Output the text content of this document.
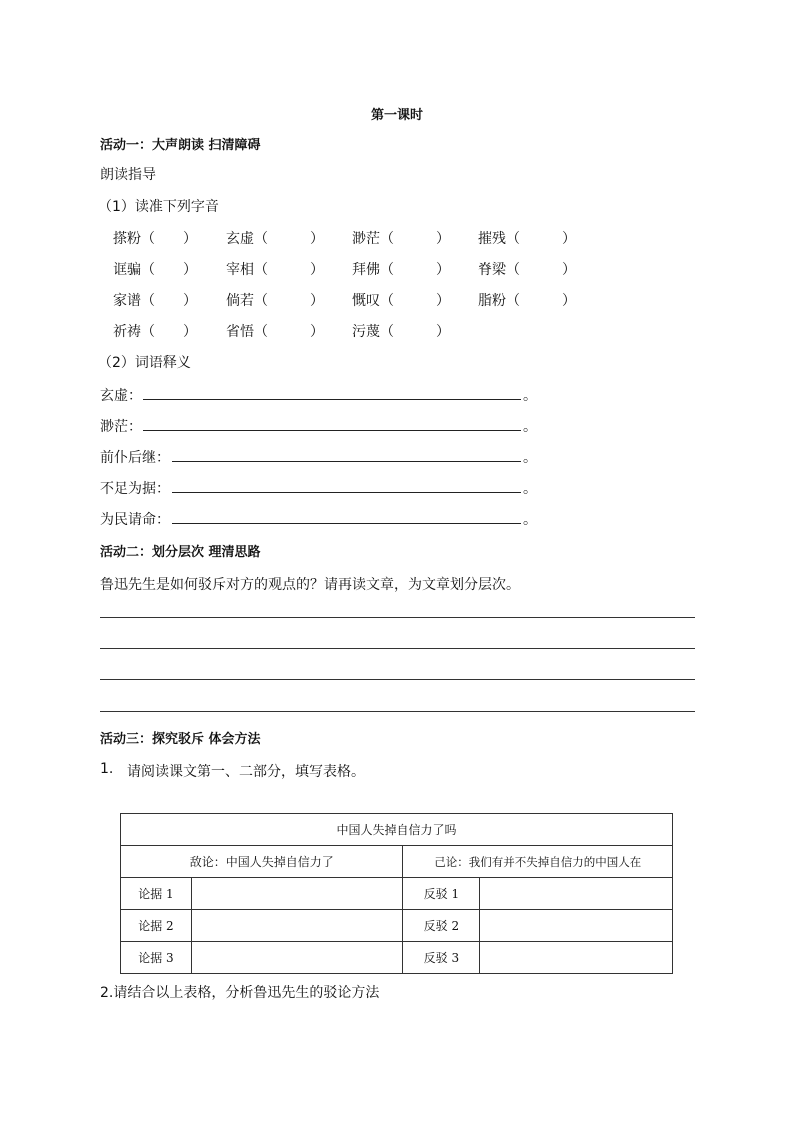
第一课时
活动一：大声朗读 扫清障碍
朗读指导
（1）读准下列字音
搽粉（　　） 玄虚（　　　） 渺茫（　　　） 摧残（　　　）
诓骗（　　） 宰相（　　　） 拜佛（　　　） 脊梁（　　　）
家谱（　　） 倘若（　　　） 慨叹（　　　） 脂粉（　　　）
祈祷（　　） 省悟（　　　） 污蔑（　　　）
（2）词语释义
玄虚：	。
渺茫：	。
前仆后继：	。
不足为据：	。
为民请命：	。
活动二：划分层次 理清思路
鲁迅先生是如何驳斥对方的观点的？请再读文章，为文章划分层次。
活动三：探究驳斥 体会方法
1. 请阅读课文第一、二部分，填写表格。
中国人失掉自信力了吗			
敌论：中国人失掉自信力了		己论：我们有并不失掉自信力的中国人在	
论据 1		反驳 1	
论据 2		反驳 2	
论据 3		反驳 3	
2.请结合以上表格，分析鲁迅先生的驳论方法
